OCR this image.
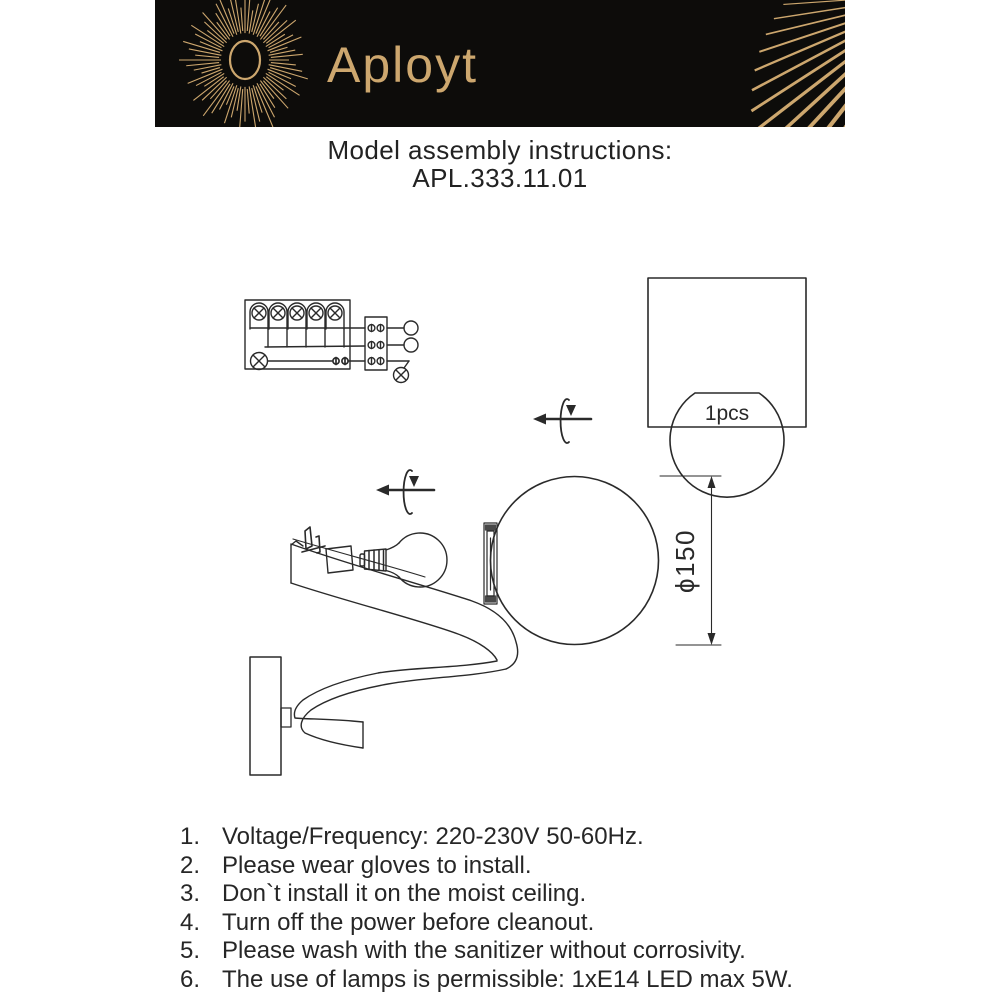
Aployt
Model assembly instructions:
APL.333.11.01
1pcs
ϕ150
1. Voltage/Frequency: 220-230V 50-60Hz.
2. Please wear gloves to install.
3. Don`t install it on the moist ceiling.
4. Turn off the power before cleanout.
5. Please wash with the sanitizer without corrosivity.
6. The use of lamps is permissible: 1xE14 LED max 5W.
